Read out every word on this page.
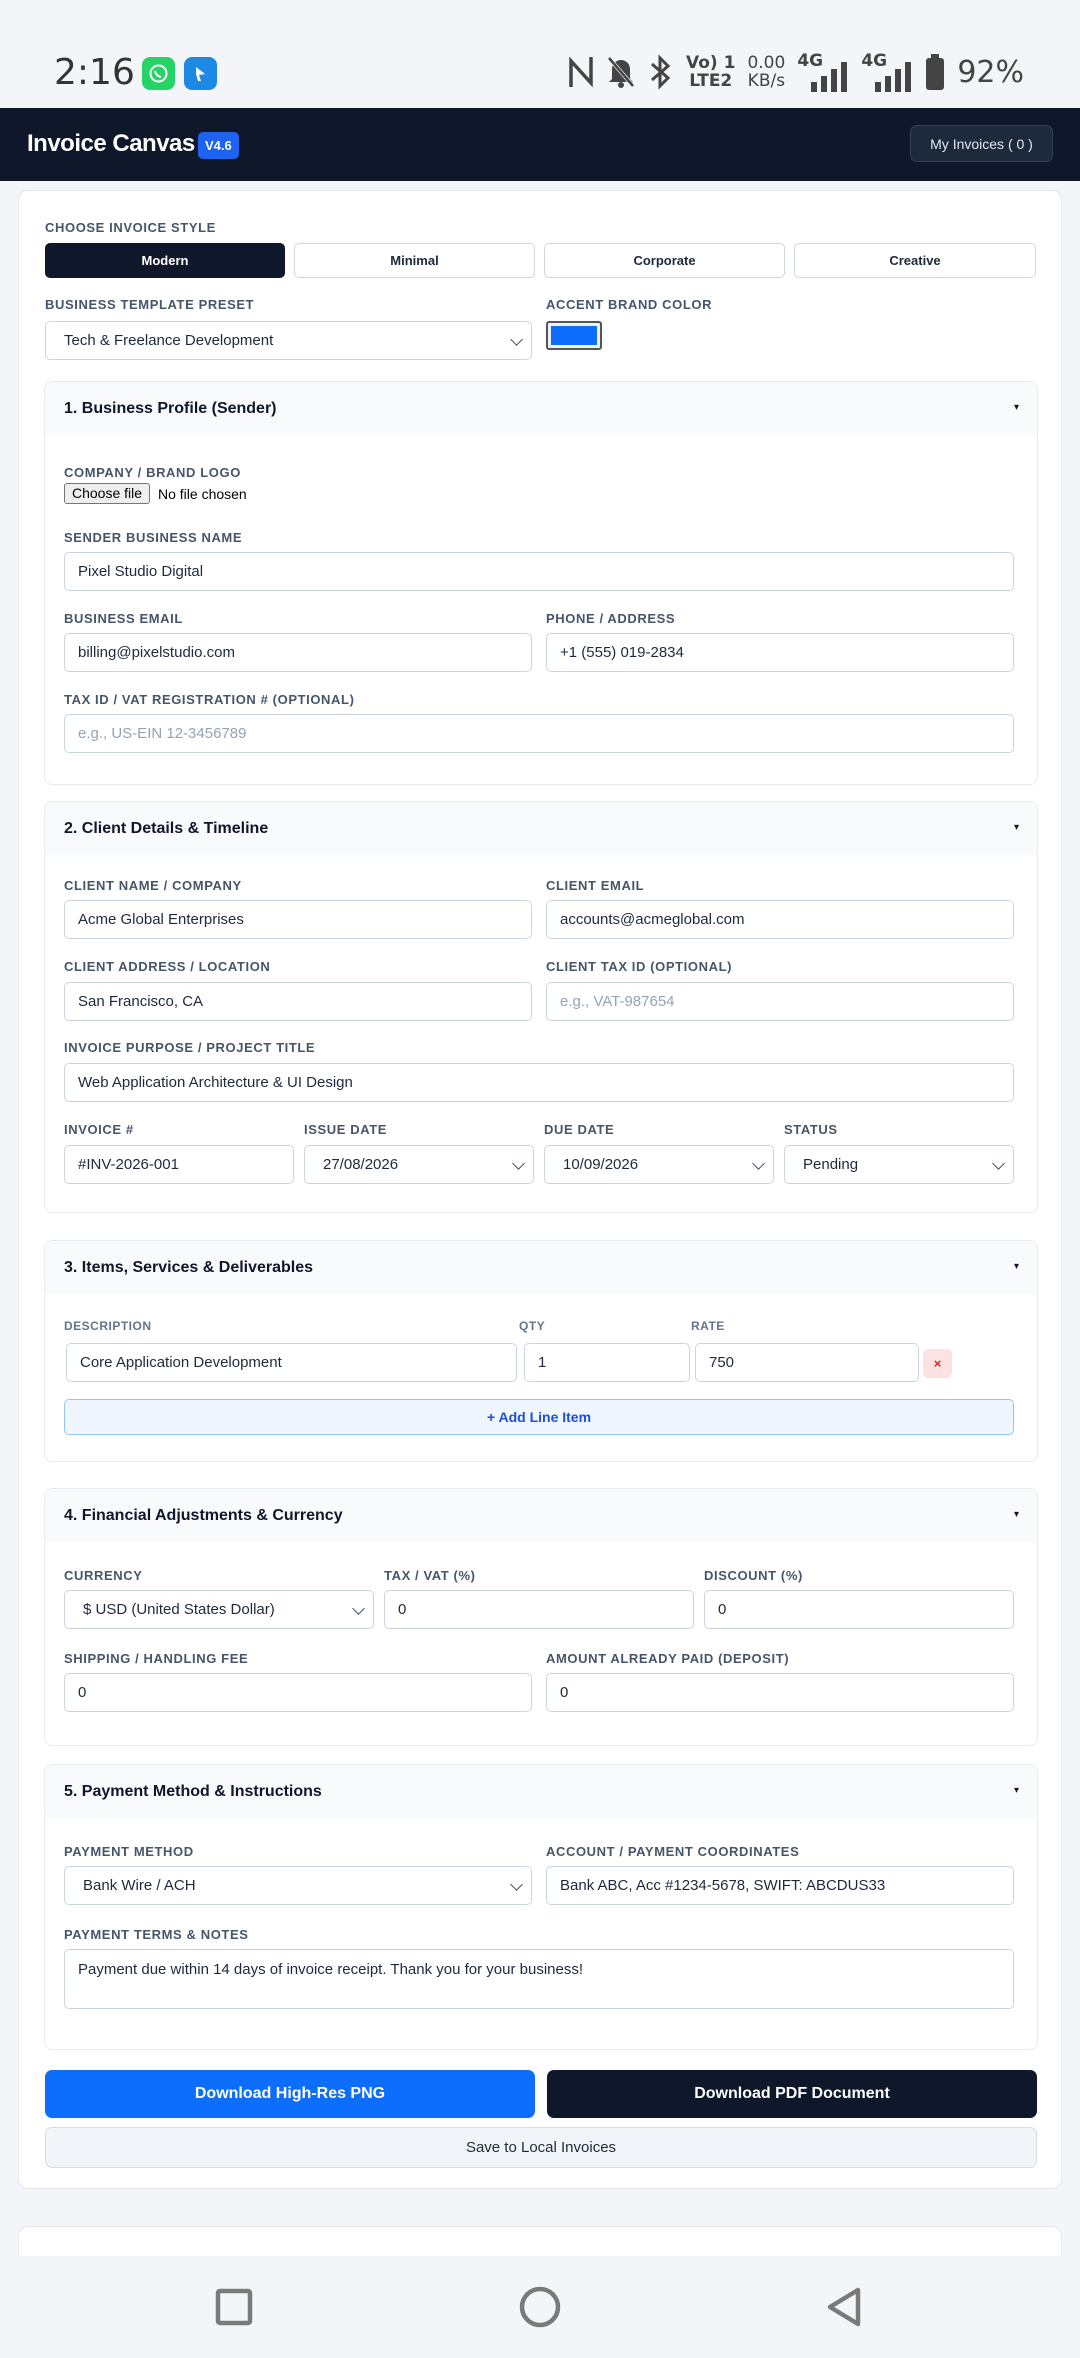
2:16	Vo) 1
LTE2
0.00
KB/s
4G 4G 92%
Invoice Canvas V4.6	My Invoices ( 0 )
CHOOSE INVOICE STYLE
Modern	Minimal	Corporate	Creative
BUSINESS TEMPLATE PRESET
Tech & Freelance Development
ACCENT BRAND COLOR
1. Business Profile (Sender)	▾
COMPANY / BRAND LOGO
Choose file	No file chosen
SENDER BUSINESS NAME
Pixel Studio Digital
BUSINESS EMAIL
billing@pixelstudio.com
PHONE / ADDRESS
+1 (555) 019-2834
TAX ID / VAT REGISTRATION # (OPTIONAL)
e.g., US-EIN 12-3456789
2. Client Details & Timeline	▾
CLIENT NAME / COMPANY
Acme Global Enterprises
CLIENT EMAIL
accounts@acmeglobal.com
CLIENT ADDRESS / LOCATION
San Francisco, CA
CLIENT TAX ID (OPTIONAL)
e.g., VAT-987654
INVOICE PURPOSE / PROJECT TITLE
Web Application Architecture & UI Design
INVOICE #
#INV-2026-001
ISSUE DATE
27/08/2026
DUE DATE
10/09/2026
STATUS
Pending
3. Items, Services & Deliverables	▾
DESCRIPTION	QTY	RATE
Core Application Development	1	750	×
+ Add Line Item
4. Financial Adjustments & Currency	▾
CURRENCY
$ USD (United States Dollar)
TAX / VAT (%)
0
DISCOUNT (%)
0
SHIPPING / HANDLING FEE
0
AMOUNT ALREADY PAID (DEPOSIT)
0
5. Payment Method & Instructions	▾
PAYMENT METHOD
Bank Wire / ACH
ACCOUNT / PAYMENT COORDINATES
Bank ABC, Acc #1234-5678, SWIFT: ABCDUS33
PAYMENT TERMS & NOTES
Payment due within 14 days of invoice receipt. Thank you for your business!
Download High-Res PNG	Download PDF Document
Save to Local Invoices
